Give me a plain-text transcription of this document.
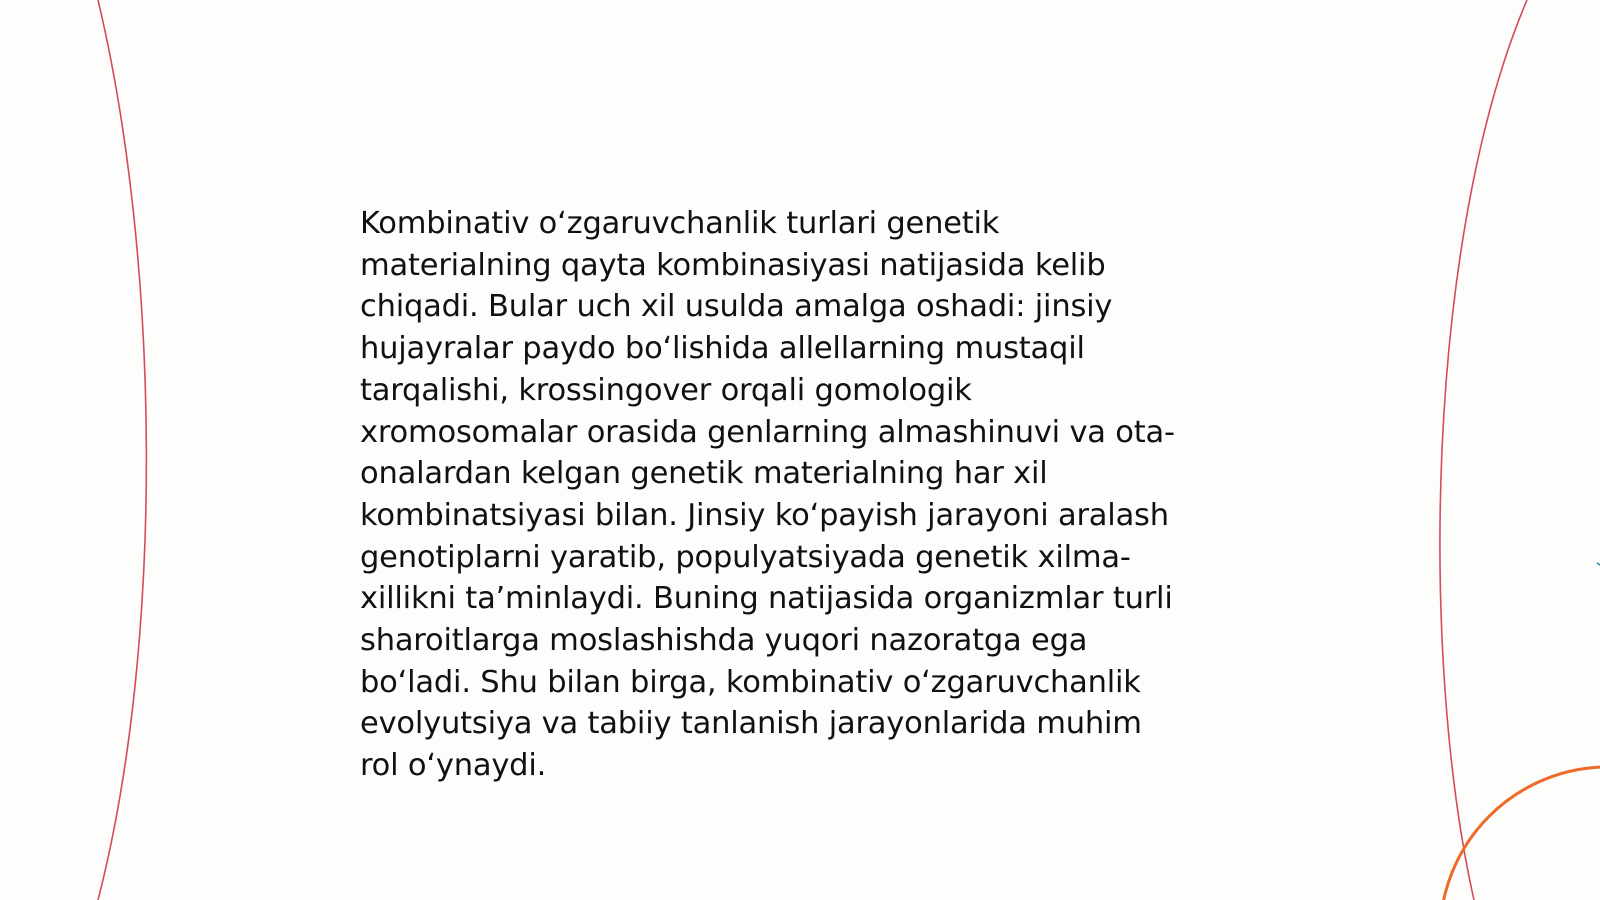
Kombinativ oʻzgaruvchanlik turlari genetik
materialning qayta kombinasiyasi natijasida kelib
chiqadi. Bular uch xil usulda amalga oshadi: jinsiy
hujayralar paydo boʻlishida allellarning mustaqil
tarqalishi, krossingover orqali gomologik
xromosomalar orasida genlarning almashinuvi va ota-
onalardan kelgan genetik materialning har xil
kombinatsiyasi bilan. Jinsiy koʻpayish jarayoni aralash
genotiplarni yaratib, populyatsiyada genetik xilma-
xillikni taʼminlaydi. Buning natijasida organizmlar turli
sharoitlarga moslashishda yuqori nazoratga ega
boʻladi. Shu bilan birga, kombinativ oʻzgaruvchanlik
evolyutsiya va tabiiy tanlanish jarayonlarida muhim
rol oʻynaydi.
